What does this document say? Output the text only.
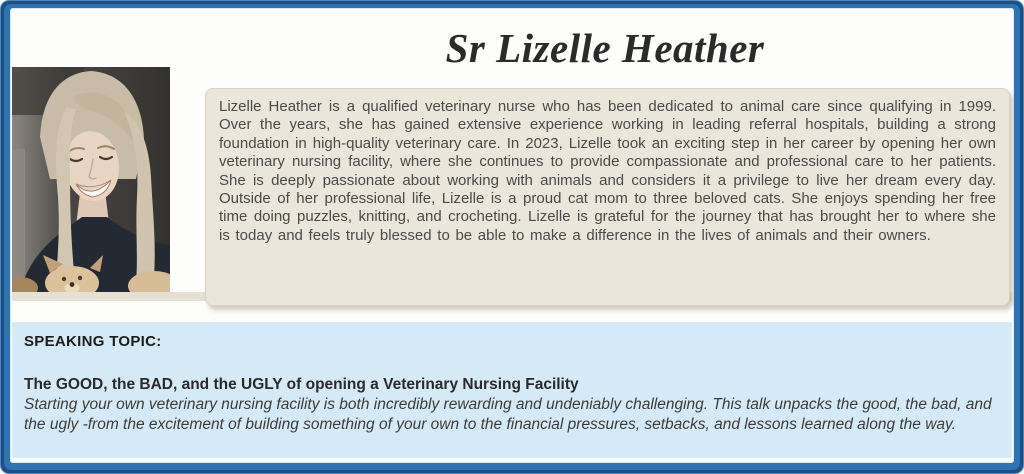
Sr Lizelle Heather

Lizelle Heather is a qualified veterinary nurse who has been dedicated to animal care since qualifying in 1999. Over the years, she has gained extensive experience working in leading referral hospitals, building a strong foundation in high-quality veterinary care. In 2023, Lizelle took an exciting step in her career by opening her own veterinary nursing facility, where she continues to provide compassionate and professional care to her patients. She is deeply passionate about working with animals and considers it a privilege to live her dream every day. Outside of her professional life, Lizelle is a proud cat mom to three beloved cats. She enjoys spending her free time doing puzzles, knitting, and crocheting. Lizelle is grateful for the journey that has brought her to where she is today and feels truly blessed to be able to make a difference in the lives of animals and their owners.

SPEAKING TOPIC:
The GOOD, the BAD, and the UGLY of opening a Veterinary Nursing Facility
Starting your own veterinary nursing facility is both incredibly rewarding and undeniably challenging. This talk unpacks the good, the bad, and the ugly -from the excitement of building something of your own to the financial pressures, setbacks, and lessons learned along the way.
